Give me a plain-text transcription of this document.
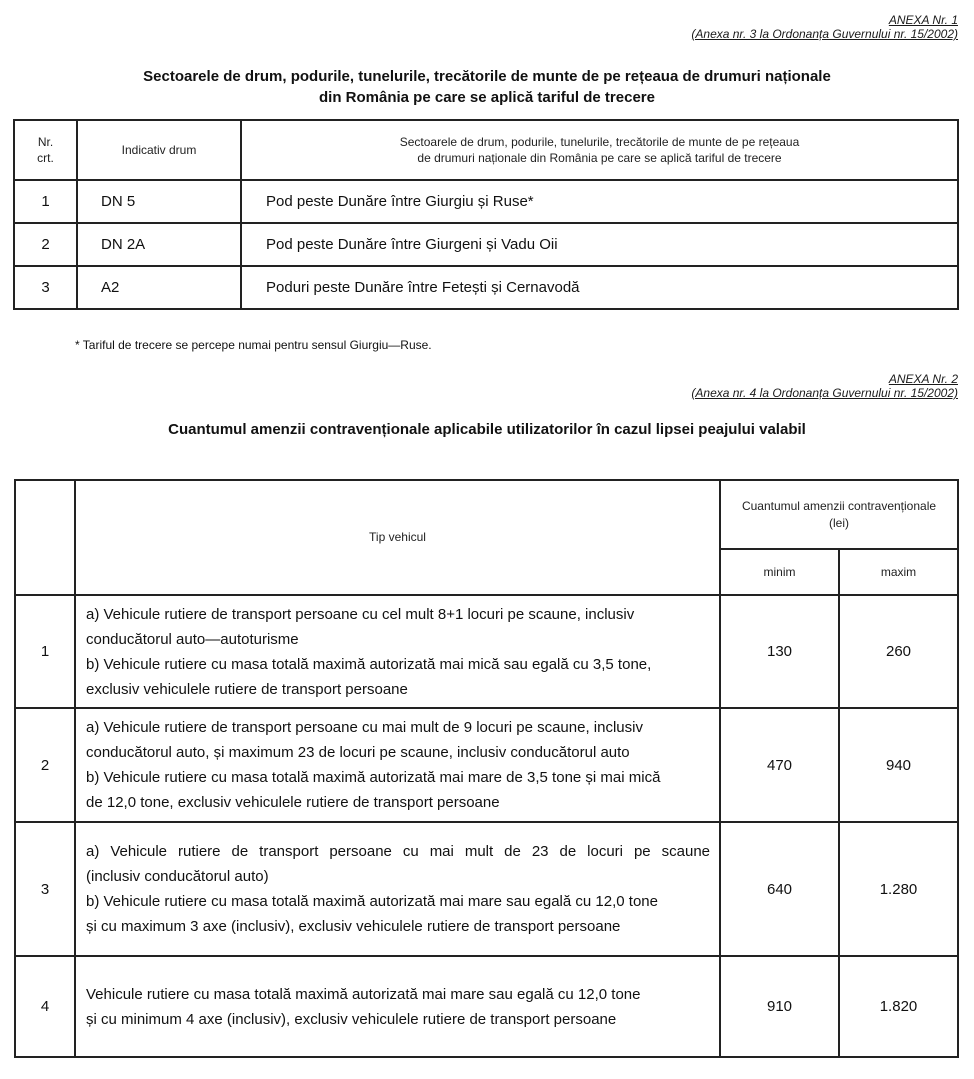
ANEXA Nr. 1
(Anexa nr. 3 la Ordonanța Guvernului nr. 15/2002)
Sectoarele de drum, podurile, tunelurile, trecătorile de munte de pe rețeaua de drumuri naționale
din România pe care se aplică tariful de trecere
Nr.
crt.
	Indicativ drum	
Sectoarele de drum, podurile, tunelurile, trecătorile de munte de pe rețeaua
de drumuri naționale din România pe care se aplică tariful de trecere

1	DN 5	Pod peste Dunăre între Giurgiu și Ruse*
2	DN 2A	Pod peste Dunăre între Giurgeni și Vadu Oii
3	A2	Poduri peste Dunăre între Fetești și Cernavodă
* Tariful de trecere se percepe numai pentru sensul Giurgiu—Ruse.
ANEXA Nr. 2
(Anexa nr. 4 la Ordonanța Guvernului nr. 15/2002)
Cuantumul amenzii contravenționale aplicabile utilizatorilor în cazul lipsei peajului valabil
	Tip vehicul	Cuantumul amenzii contravenționale
(lei)	

		minim	maxim
1	a) Vehicule rutiere de transport persoane cu cel mult 8+1 locuri pe scaune, inclusiv
conducătorul auto—autoturisme
b) Vehicule rutiere cu masa totală maximă autorizată mai mică sau egală cu 3,5 tone,
exclusiv vehiculele rutiere de transport persoane	130	260
2	a) Vehicule rutiere de transport persoane cu mai mult de 9 locuri pe scaune, inclusiv
conducătorul auto, și maximum 23 de locuri pe scaune, inclusiv conducătorul auto
b) Vehicule rutiere cu masa totală maximă autorizată mai mare de 3,5 tone și mai mică
de 12,0 tone, exclusiv vehiculele rutiere de transport persoane	470	940
3	a) Vehicule rutiere de transport persoane cu mai mult de 23 de locuri pe scaune
(inclusiv conducătorul auto)
b) Vehicule rutiere cu masa totală maximă autorizată mai mare sau egală cu 12,0 tone
și cu maximum 3 axe (inclusiv), exclusiv vehiculele rutiere de transport persoane	640	1.280
4	Vehicule rutiere cu masa totală maximă autorizată mai mare sau egală cu 12,0 tone
și cu minimum 4 axe (inclusiv), exclusiv vehiculele rutiere de transport persoane	910	1.820
